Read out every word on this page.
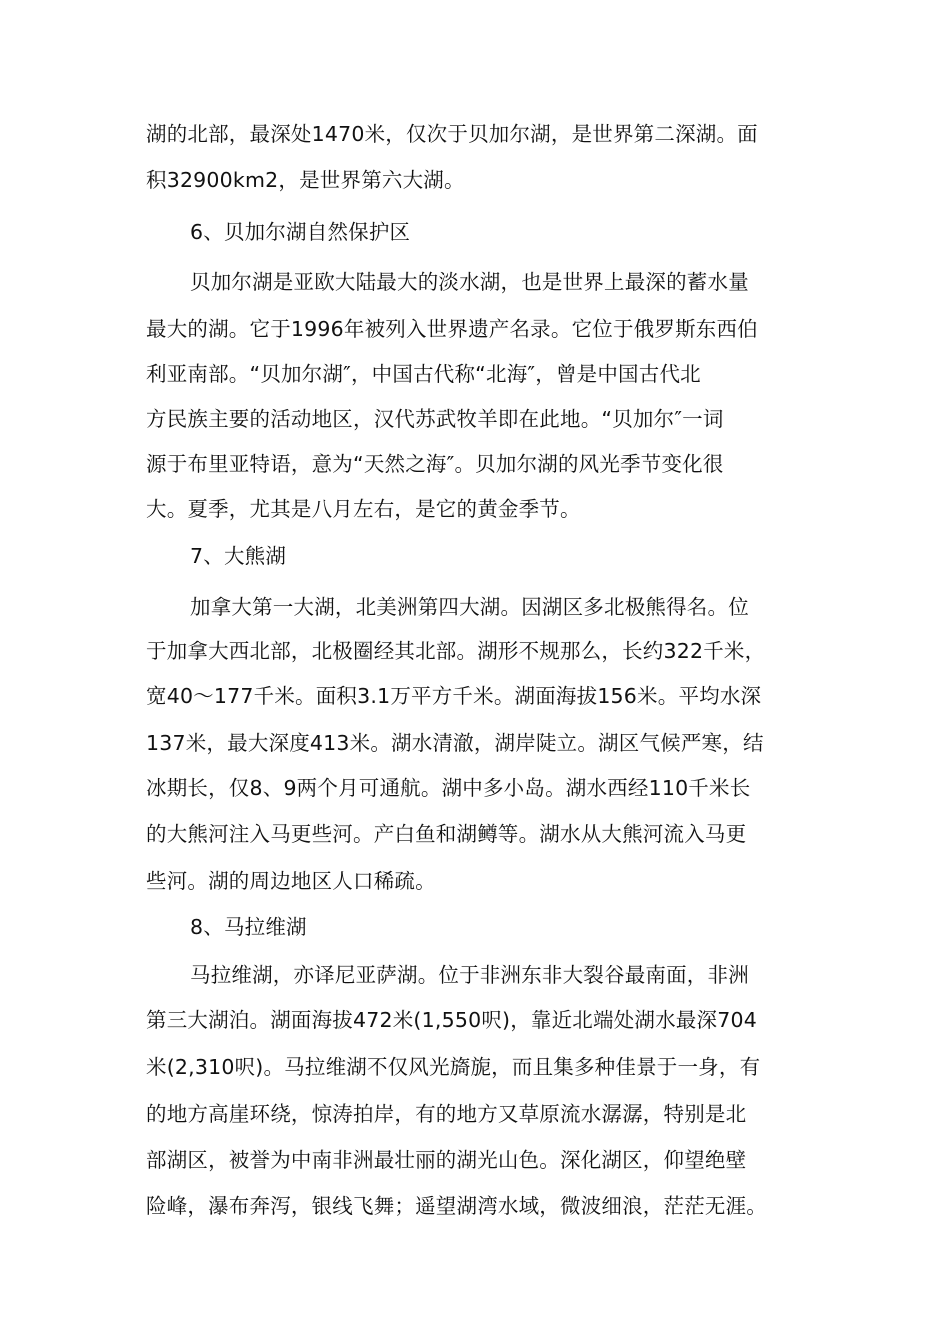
湖的北部，最深处1470米，仅次于贝加尔湖，是世界第二深湖。面
积32900km2，是世界第六大湖。
6、贝加尔湖自然保护区
贝加尔湖是亚欧大陆最大的淡水湖，也是世界上最深的蓄水量
最大的湖。它于1996年被列入世界遗产名录。它位于俄罗斯东西伯
利亚南部。“贝加尔湖″，中国古代称“北海″，曾是中国古代北
方民族主要的活动地区，汉代苏武牧羊即在此地。“贝加尔″一词
源于布里亚特语，意为“天然之海″。贝加尔湖的风光季节变化很
大。夏季，尤其是八月左右，是它的黄金季节。
7、大熊湖
加拿大第一大湖，北美洲第四大湖。因湖区多北极熊得名。位
于加拿大西北部，北极圈经其北部。湖形不规那么，长约322千米，
宽40～177千米。面积3.1万平方千米。湖面海拔156米。平均水深
137米，最大深度413米。湖水清澈，湖岸陡立。湖区气候严寒，结
冰期长，仅8、9两个月可通航。湖中多小岛。湖水西经110千米长
的大熊河注入马更些河。产白鱼和湖鳟等。湖水从大熊河流入马更
些河。湖的周边地区人口稀疏。
8、马拉维湖
马拉维湖，亦译尼亚萨湖。位于非洲东非大裂谷最南面，非洲
第三大湖泊。湖面海拔472米(1,550呎)，靠近北端处湖水最深704
米(2,310呎)。马拉维湖不仅风光旖旎，而且集多种佳景于一身，有
的地方高崖环绕，惊涛拍岸，有的地方又草原流水潺潺，特别是北
部湖区，被誉为中南非洲最壮丽的湖光山色。深化湖区，仰望绝壁
险峰，瀑布奔泻，银线飞舞；遥望湖湾水域，微波细浪，茫茫无涯。
